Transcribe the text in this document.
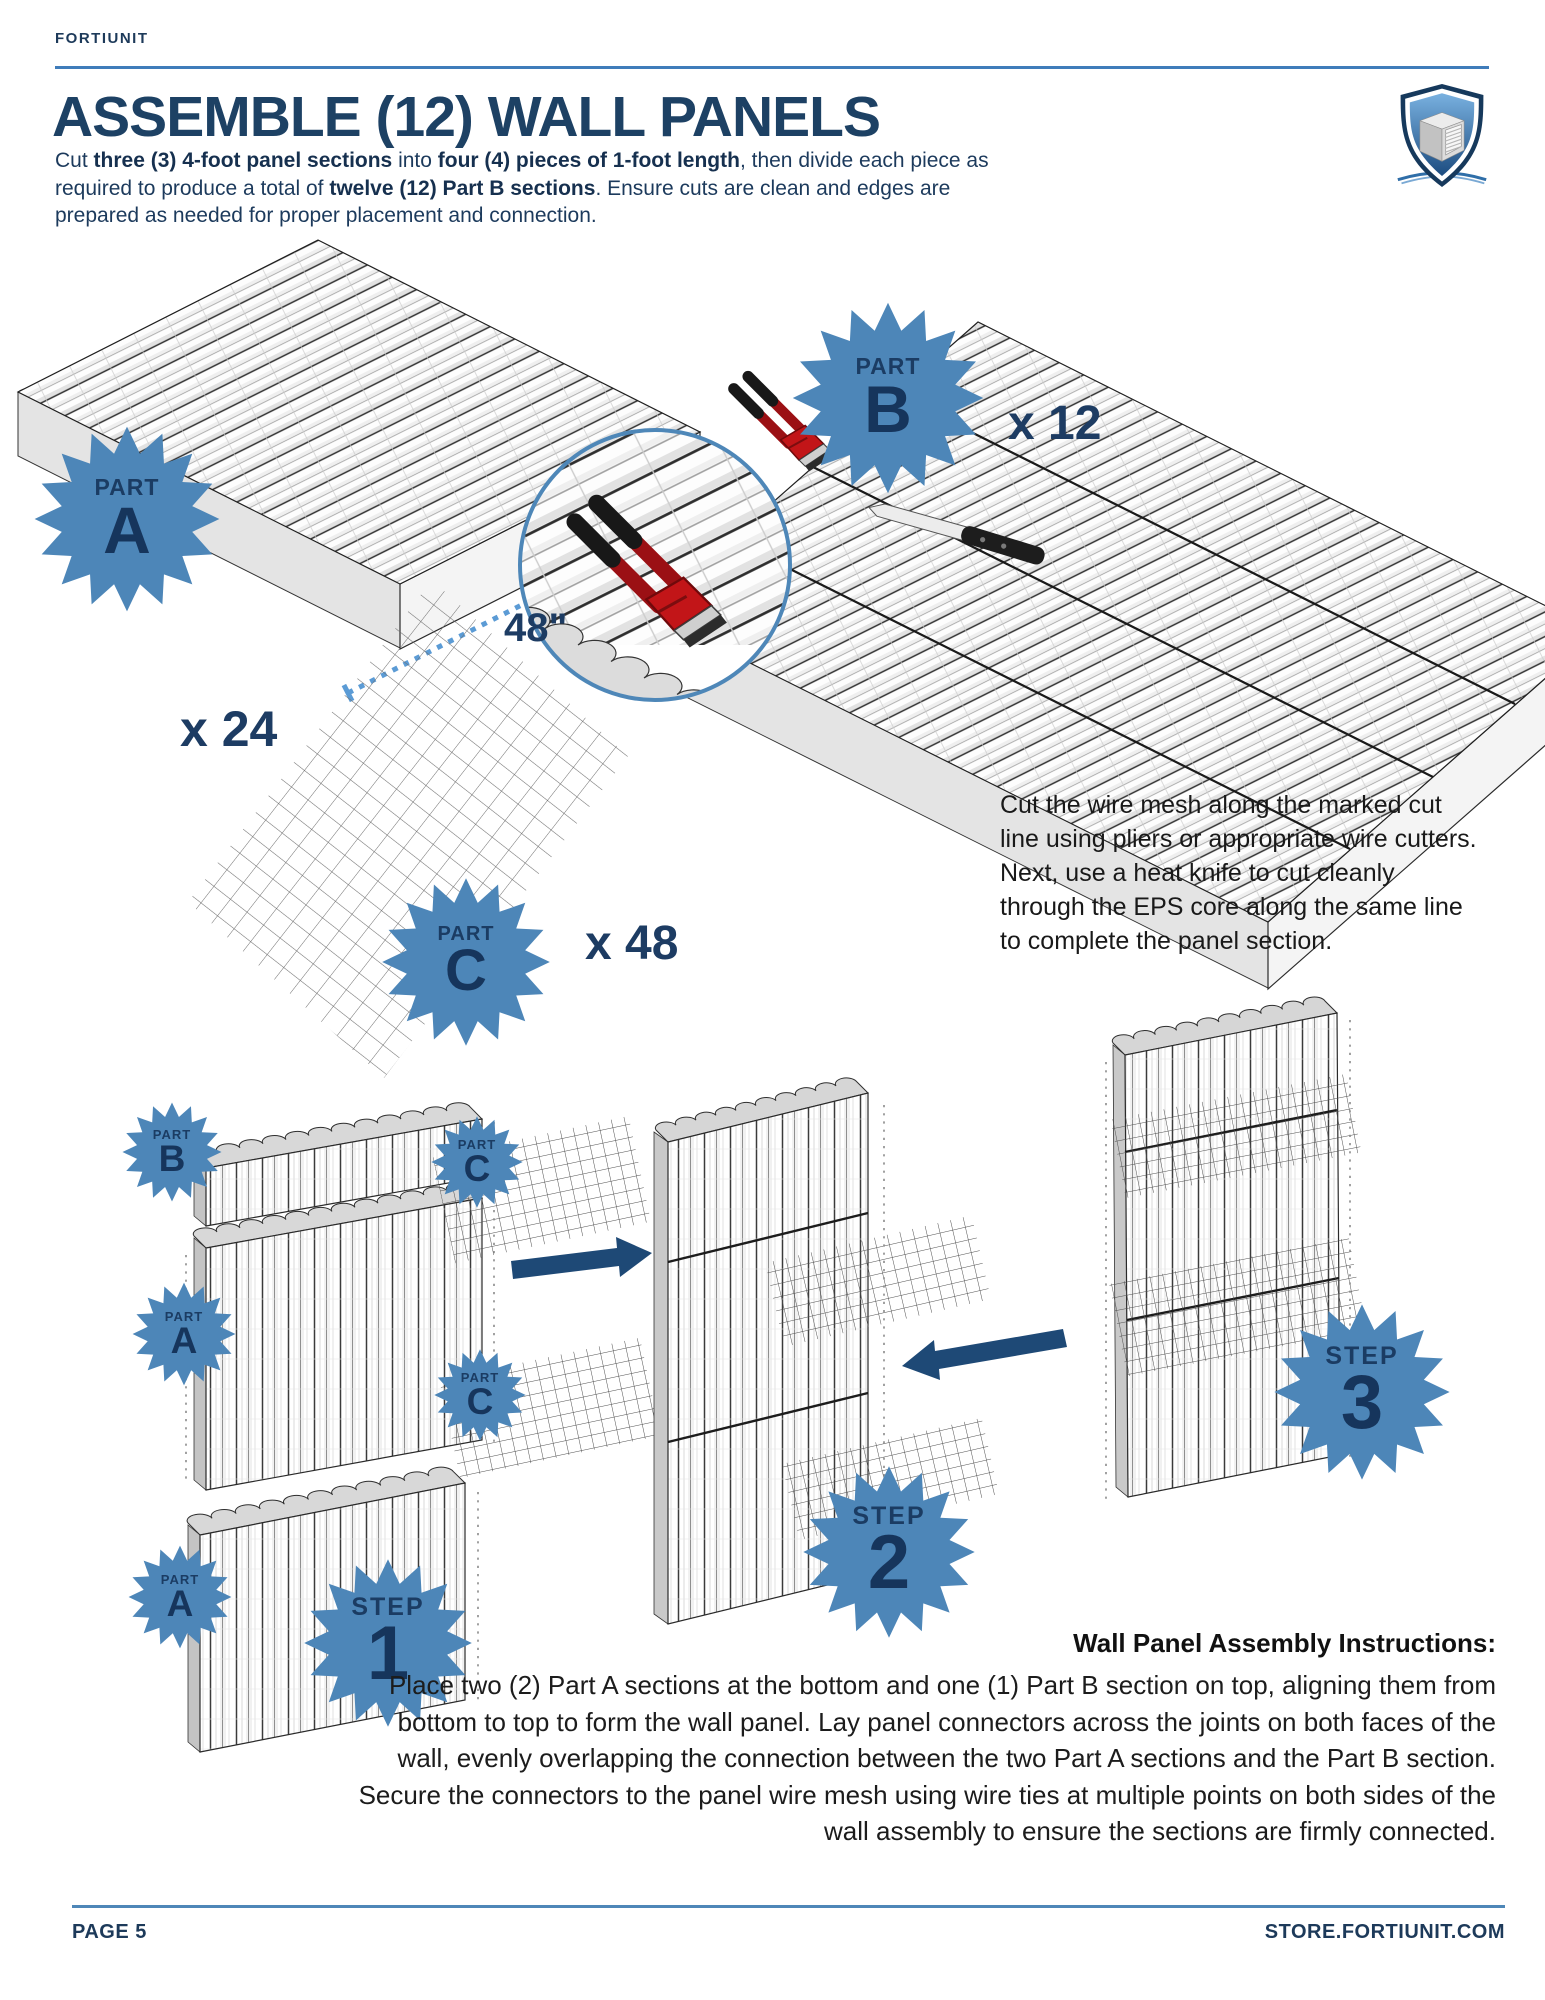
FORTIUNIT
ASSEMBLE (12) WALL PANELS
Cut three (3) 4-foot panel sections into four (4) pieces of 1-foot length, then divide each piece as required to produce a total of twelve (12) Part B sections. Ensure cuts are clean and edges are prepared as needed for proper placement and connection.
PART
A
PART
B
PART
C
PART
B
PART
A
PART
A
PART
C
PART
C
STEP
1
STEP
2
STEP
3
x 24
x 12
x 48
48"
Cut the wire mesh along the marked cut line using pliers or appropriate wire cutters. Next, use a heat knife to cut cleanly through the EPS core along the same line to complete the panel section.
Wall Panel Assembly Instructions:
Place two (2) Part A sections at the bottom and one (1) Part B section on top, aligning them from bottom to top to form the wall panel. Lay panel connectors across the joints on both faces of the wall, evenly overlapping the connection between the two Part A sections and the Part B section. Secure the connectors to the panel wire mesh using wire ties at multiple points on both sides of the wall assembly to ensure the sections are firmly connected.
PAGE 5	STORE.FORTIUNIT.COM
